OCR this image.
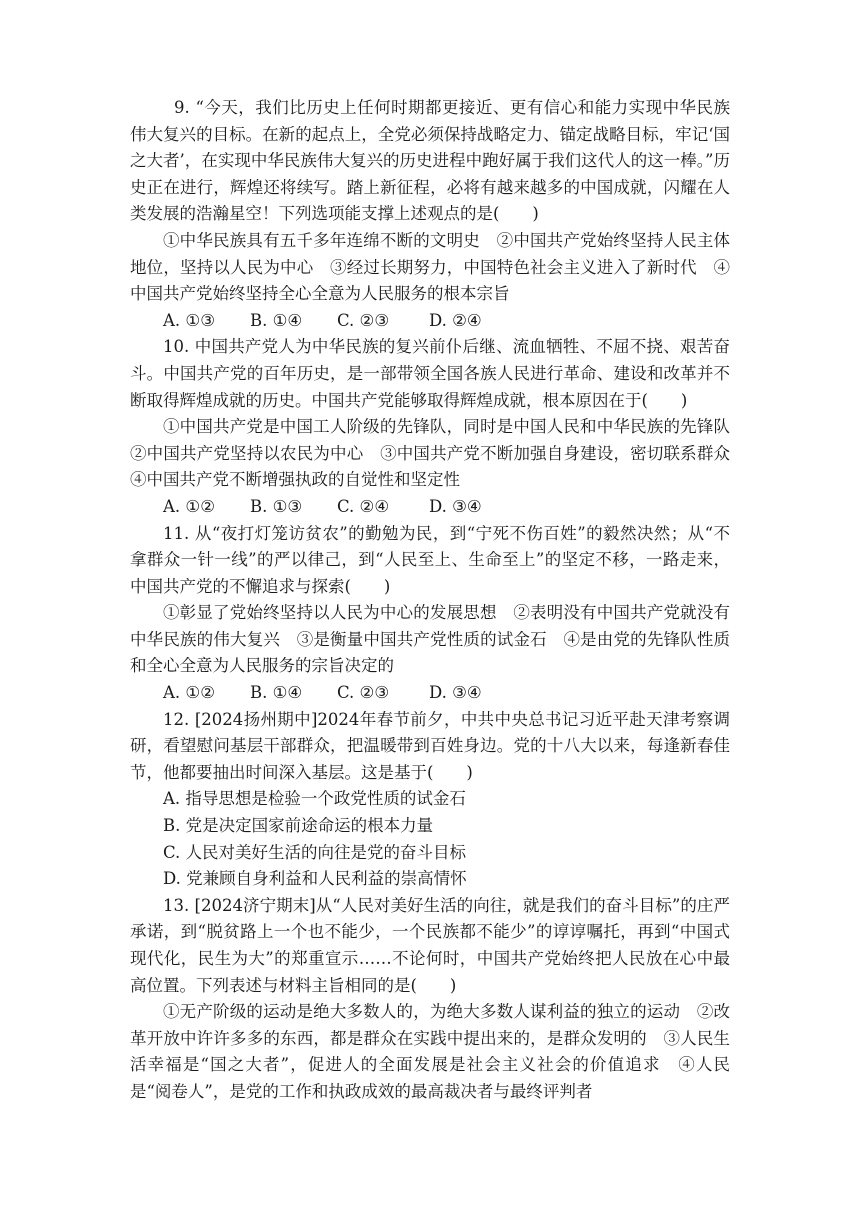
9. “今天，我们比历史上任何时期都更接近、更有信心和能力实现中华民族伟大复兴的目标。在新的起点上，全党必须保持战略定力、锚定战略目标，牢记‘国之大者’，在实现中华民族伟大复兴的历史进程中跑好属于我们这代人的这一棒。”历史正在进行，辉煌还将续写。踏上新征程，必将有越来越多的中国成就，闪耀在人类发展的浩瀚星空！下列选项能支撑上述观点的是(　　)

①中华民族具有五千多年连绵不断的文明史　②中国共产党始终坚持人民主体地位，坚持以人民为中心　③经过长期努力，中国特色社会主义进入了新时代　④中国共产党始终坚持全心全意为人民服务的根本宗旨

A. ①③ B. ①④ C. ②③ D. ②④

10. 中国共产党人为中华民族的复兴前仆后继、流血牺牲、不屈不挠、艰苦奋斗。中国共产党的百年历史，是一部带领全国各族人民进行革命、建设和改革并不断取得辉煌成就的历史。中国共产党能够取得辉煌成就，根本原因在于(　　)

①中国共产党是中国工人阶级的先锋队，同时是中国人民和中华民族的先锋队　②中国共产党坚持以农民为中心　③中国共产党不断加强自身建设，密切联系群众　④中国共产党不断增强执政的自觉性和坚定性

A. ①② B. ①③ C. ②④ D. ③④

11. 从“夜打灯笼访贫农”的勤勉为民，到“宁死不伤百姓”的毅然决然；从“不拿群众一针一线”的严以律己，到“人民至上、生命至上”的坚定不移，一路走来，中国共产党的不懈追求与探索(　　)

①彰显了党始终坚持以人民为中心的发展思想　②表明没有中国共产党就没有中华民族的伟大复兴　③是衡量中国共产党性质的试金石　④是由党的先锋队性质和全心全意为人民服务的宗旨决定的

A. ①② B. ①④ C. ②③ D. ③④

12. [2024扬州期中]2024年春节前夕，中共中央总书记习近平赴天津考察调研，看望慰问基层干部群众，把温暖带到百姓身边。党的十八大以来，每逢新春佳节，他都要抽出时间深入基层。这是基于(　　)

A. 指导思想是检验一个政党性质的试金石

B. 党是决定国家前途命运的根本力量

C. 人民对美好生活的向往是党的奋斗目标

D. 党兼顾自身利益和人民利益的崇高情怀

13. [2024济宁期末]从“人民对美好生活的向往，就是我们的奋斗目标”的庄严承诺，到“脱贫路上一个也不能少，一个民族都不能少”的谆谆嘱托，再到“中国式现代化，民生为大”的郑重宣示……不论何时，中国共产党始终把人民放在心中最高位置。下列表述与材料主旨相同的是(　　)

①无产阶级的运动是绝大多数人的，为绝大多数人谋利益的独立的运动　②改革开放中许许多多的东西，都是群众在实践中提出来的，是群众发明的　③人民生活幸福是“国之大者”，促进人的全面发展是社会主义社会的价值追求　④人民是“阅卷人”，是党的工作和执政成效的最高裁决者与最终评判者
